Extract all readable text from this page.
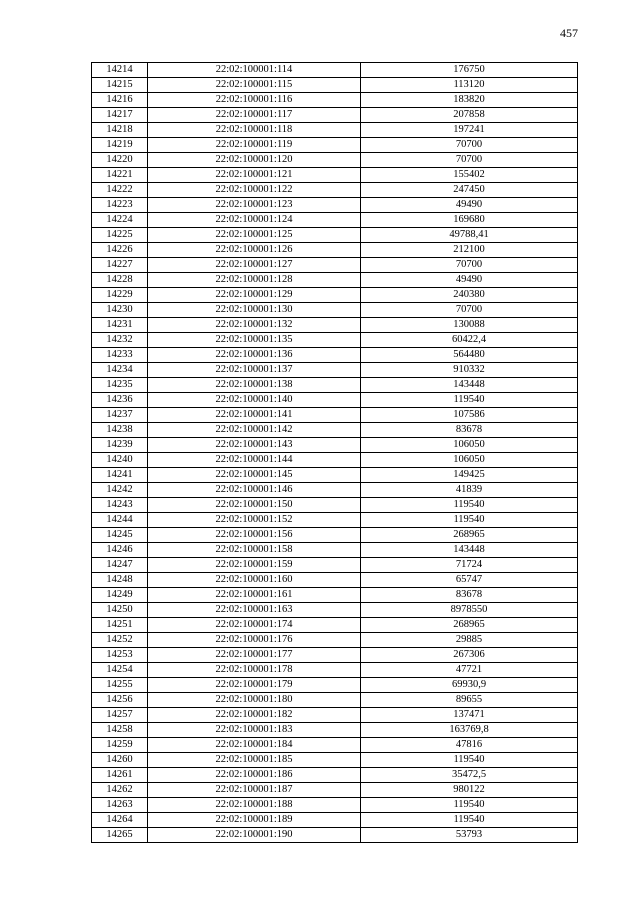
457
14214	22:02:100001:114	176750
14215	22:02:100001:115	113120
14216	22:02:100001:116	183820
14217	22:02:100001:117	207858
14218	22:02:100001:118	197241
14219	22:02:100001:119	70700
14220	22:02:100001:120	70700
14221	22:02:100001:121	155402
14222	22:02:100001:122	247450
14223	22:02:100001:123	49490
14224	22:02:100001:124	169680
14225	22:02:100001:125	49788,41
14226	22:02:100001:126	212100
14227	22:02:100001:127	70700
14228	22:02:100001:128	49490
14229	22:02:100001:129	240380
14230	22:02:100001:130	70700
14231	22:02:100001:132	130088
14232	22:02:100001:135	60422,4
14233	22:02:100001:136	564480
14234	22:02:100001:137	910332
14235	22:02:100001:138	143448
14236	22:02:100001:140	119540
14237	22:02:100001:141	107586
14238	22:02:100001:142	83678
14239	22:02:100001:143	106050
14240	22:02:100001:144	106050
14241	22:02:100001:145	149425
14242	22:02:100001:146	41839
14243	22:02:100001:150	119540
14244	22:02:100001:152	119540
14245	22:02:100001:156	268965
14246	22:02:100001:158	143448
14247	22:02:100001:159	71724
14248	22:02:100001:160	65747
14249	22:02:100001:161	83678
14250	22:02:100001:163	8978550
14251	22:02:100001:174	268965
14252	22:02:100001:176	29885
14253	22:02:100001:177	267306
14254	22:02:100001:178	47721
14255	22:02:100001:179	69930,9
14256	22:02:100001:180	89655
14257	22:02:100001:182	137471
14258	22:02:100001:183	163769,8
14259	22:02:100001:184	47816
14260	22:02:100001:185	119540
14261	22:02:100001:186	35472,5
14262	22:02:100001:187	980122
14263	22:02:100001:188	119540
14264	22:02:100001:189	119540
14265	22:02:100001:190	53793
